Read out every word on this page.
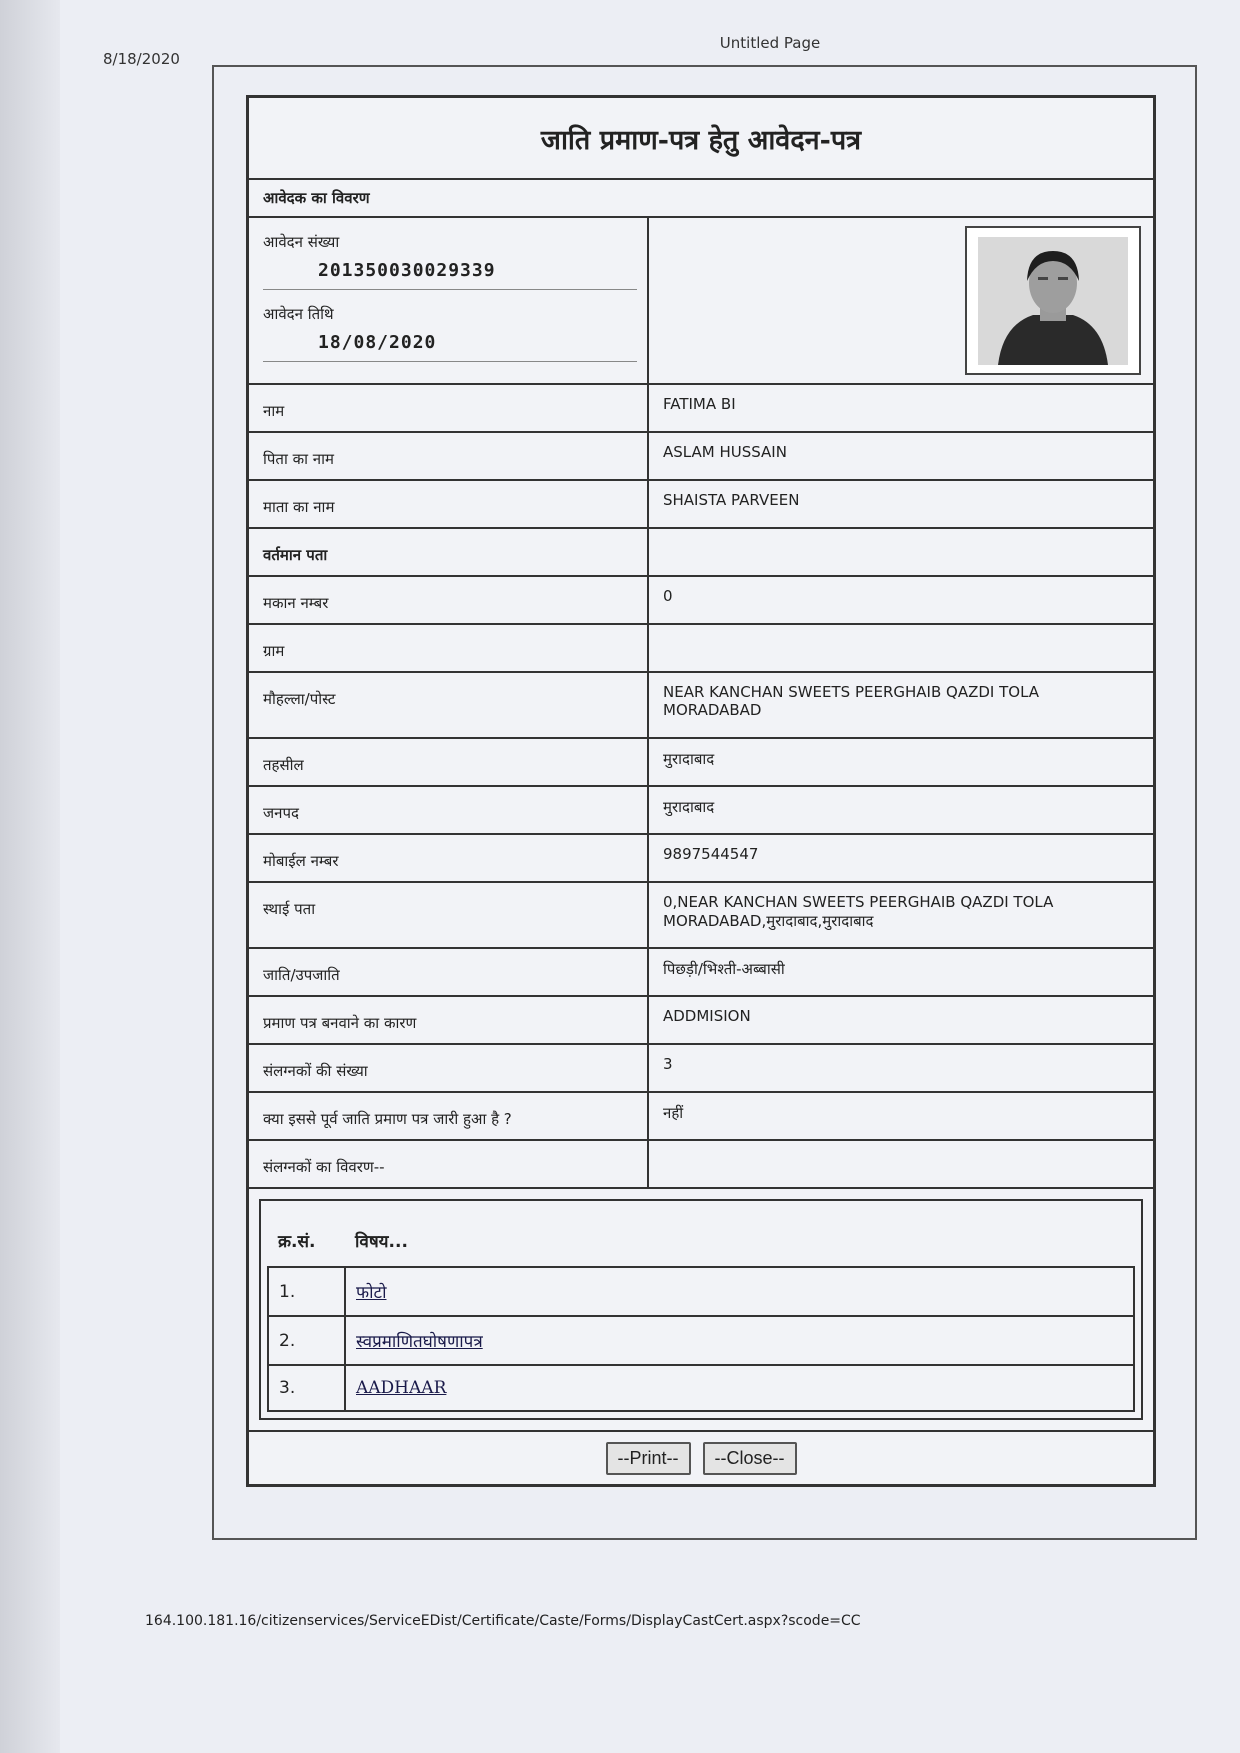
8/18/2020
Untitled Page
जाति प्रमाण-पत्र हेतु आवेदन-पत्र
आवेदक का विवरण
आवेदन संख्या
201350030029339
आवेदन तिथि
18/08/2020
नाम	FATIMA BI
पिता का नाम	ASLAM HUSSAIN
माता का नाम	SHAISTA PARVEEN
वर्तमान पता
मकान नम्बर	0
ग्राम
मौहल्ला/पोस्ट	NEAR KANCHAN SWEETS PEERGHAIB QAZDI TOLA MORADABAD
तहसील	मुरादाबाद
जनपद	मुरादाबाद
मोबाईल नम्बर	9897544547
स्थाई पता	0,NEAR KANCHAN SWEETS PEERGHAIB QAZDI TOLA MORADABAD,मुरादाबाद,मुरादाबाद
जाति/उपजाति	पिछड़ी/भिश्ती-अब्बासी
प्रमाण पत्र बनवाने का कारण	ADDMISION
संलग्नकों की संख्या	3
क्या इससे पूर्व जाति प्रमाण पत्र जारी हुआ है ?	नहीं
संलग्नकों का विवरण--
क्र.सं.	विषय...
1.	फोटो
2.	स्वप्रमाणितघोषणापत्र
3.	AADHAAR
--Print--	--Close--
164.100.181.16/citizenservices/ServiceEDist/Certificate/Caste/Forms/DisplayCastCert.aspx?scode=CC
